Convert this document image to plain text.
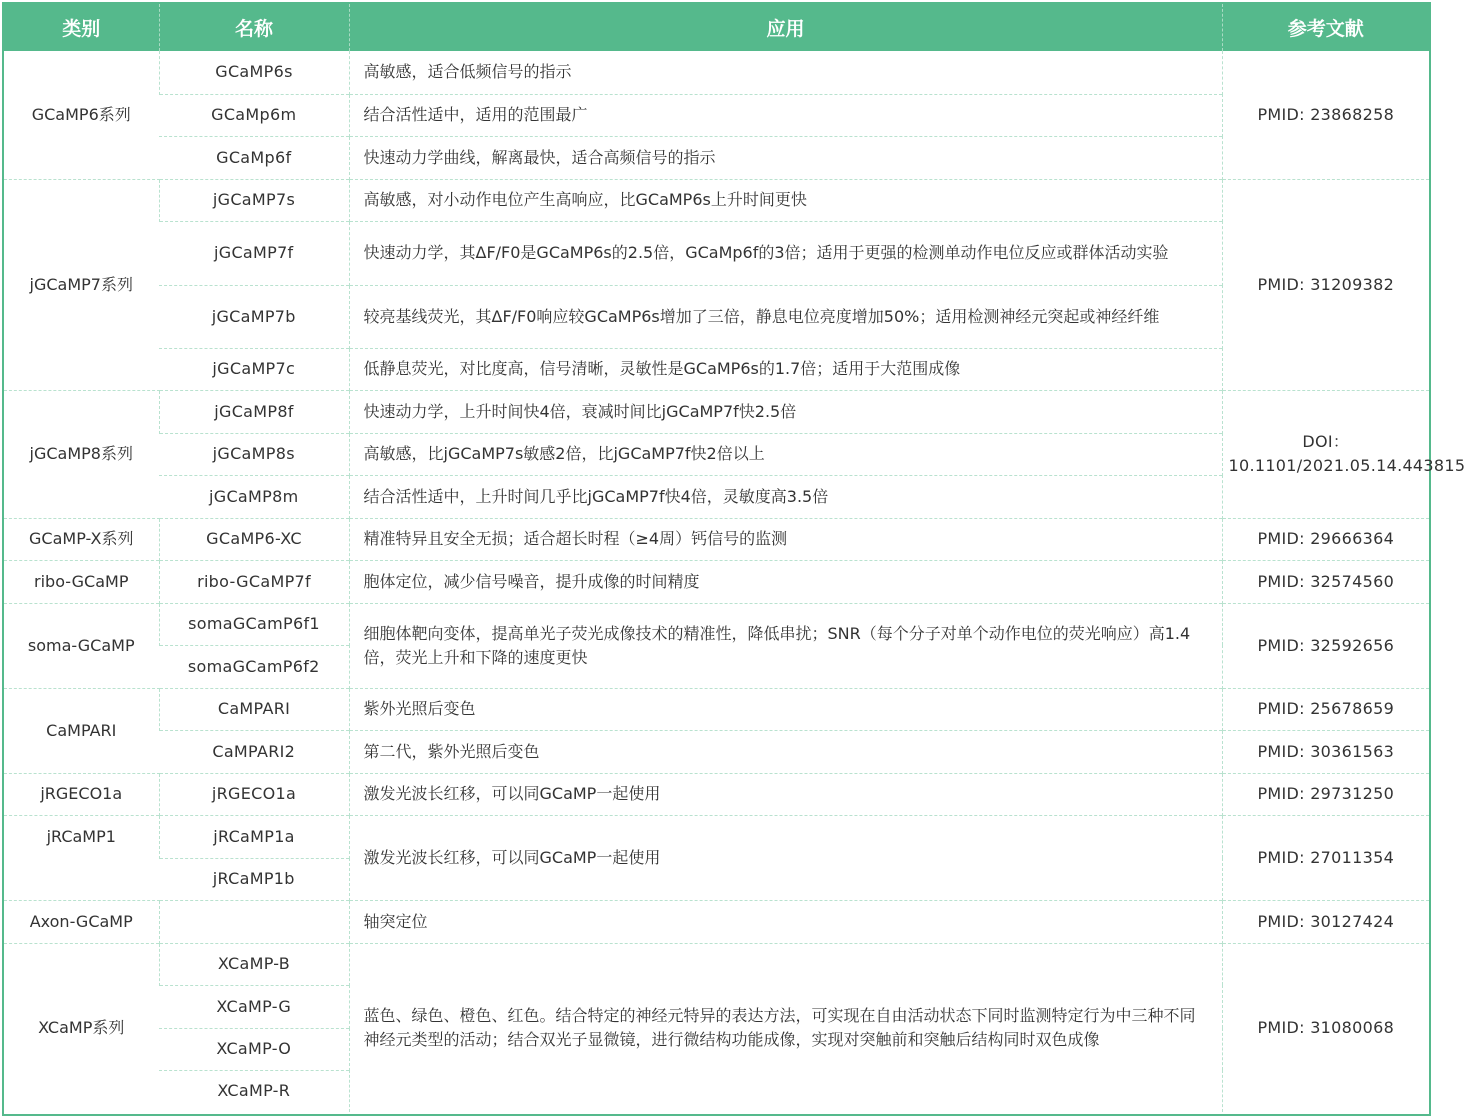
类别	名称	应用	参考文献
GCaMP6系列	GCaMP6s	高敏感，适合低频信号的指示	PMID: 23868258
	GCaMp6m	结合活性适中，适用的范围最广	
	GCaMp6f	快速动力学曲线，解离最快，适合高频信号的指示	
jGCaMP7系列	jGCaMP7s	高敏感，对小动作电位产生高响应，比GCaMP6s上升时间更快	PMID: 31209382
	jGCaMP7f	快速动力学，其ΔF/F0是GCaMP6s的2.5倍，GCaMp6f的3倍；适用于更强的检测单动作电位反应或群体活动实验	
	jGCaMP7b	较亮基线荧光，其ΔF/F0响应较GCaMP6s增加了三倍，静息电位亮度增加50%；适用检测神经元突起或神经纤维	
	jGCaMP7c	低静息荧光，对比度高，信号清晰，灵敏性是GCaMP6s的1.7倍；适用于大范围成像	
jGCaMP8系列	jGCaMP8f	快速动力学，上升时间快4倍，衰减时间比jGCaMP7f快2.5倍	DOI：10.1101/2021.05.14.443815
	jGCaMP8s	高敏感，比jGCaMP7s敏感2倍，比jGCaMP7f快2倍以上	
	jGCaMP8m	结合活性适中，上升时间几乎比jGCaMP7f快4倍，灵敏度高3.5倍	
GCaMP-X系列	GCaMP6-XC	精准特异且安全无损；适合超长时程（≥4周）钙信号的监测	PMID: 29666364
ribo-GCaMP	ribo-GCaMP7f	胞体定位，减少信号噪音，提升成像的时间精度	PMID: 32574560
soma-GCaMP	somaGCamP6f1	细胞体靶向变体，提高单光子荧光成像技术的精准性，降低串扰；SNR（每个分子对单个动作电位的荧光响应）高1.4倍，荧光上升和下降的速度更快	PMID: 32592656
	somaGCamP6f2		
CaMPARI	CaMPARI	紫外光照后变色	PMID: 25678659
	CaMPARI2	第二代，紫外光照后变色	PMID: 30361563
jRGECO1a	jRGECO1a	激发光波长红移，可以同GCaMP一起使用	PMID: 29731250
jRCaMP1	jRCaMP1a	激发光波长红移，可以同GCaMP一起使用	PMID: 27011354
	jRCaMP1b		
Axon-GCaMP		轴突定位	PMID: 30127424
XCaMP系列	XCaMP-B	蓝色、绿色、橙色、红色。结合特定的神经元特异的表达方法，可实现在自由活动状态下同时监测特定行为中三种不同神经元类型的活动；结合双光子显微镜，进行微结构功能成像，实现对突触前和突触后结构同时双色成像	PMID: 31080068
	XCaMP-G		
	XCaMP-O		
	XCaMP-R		
